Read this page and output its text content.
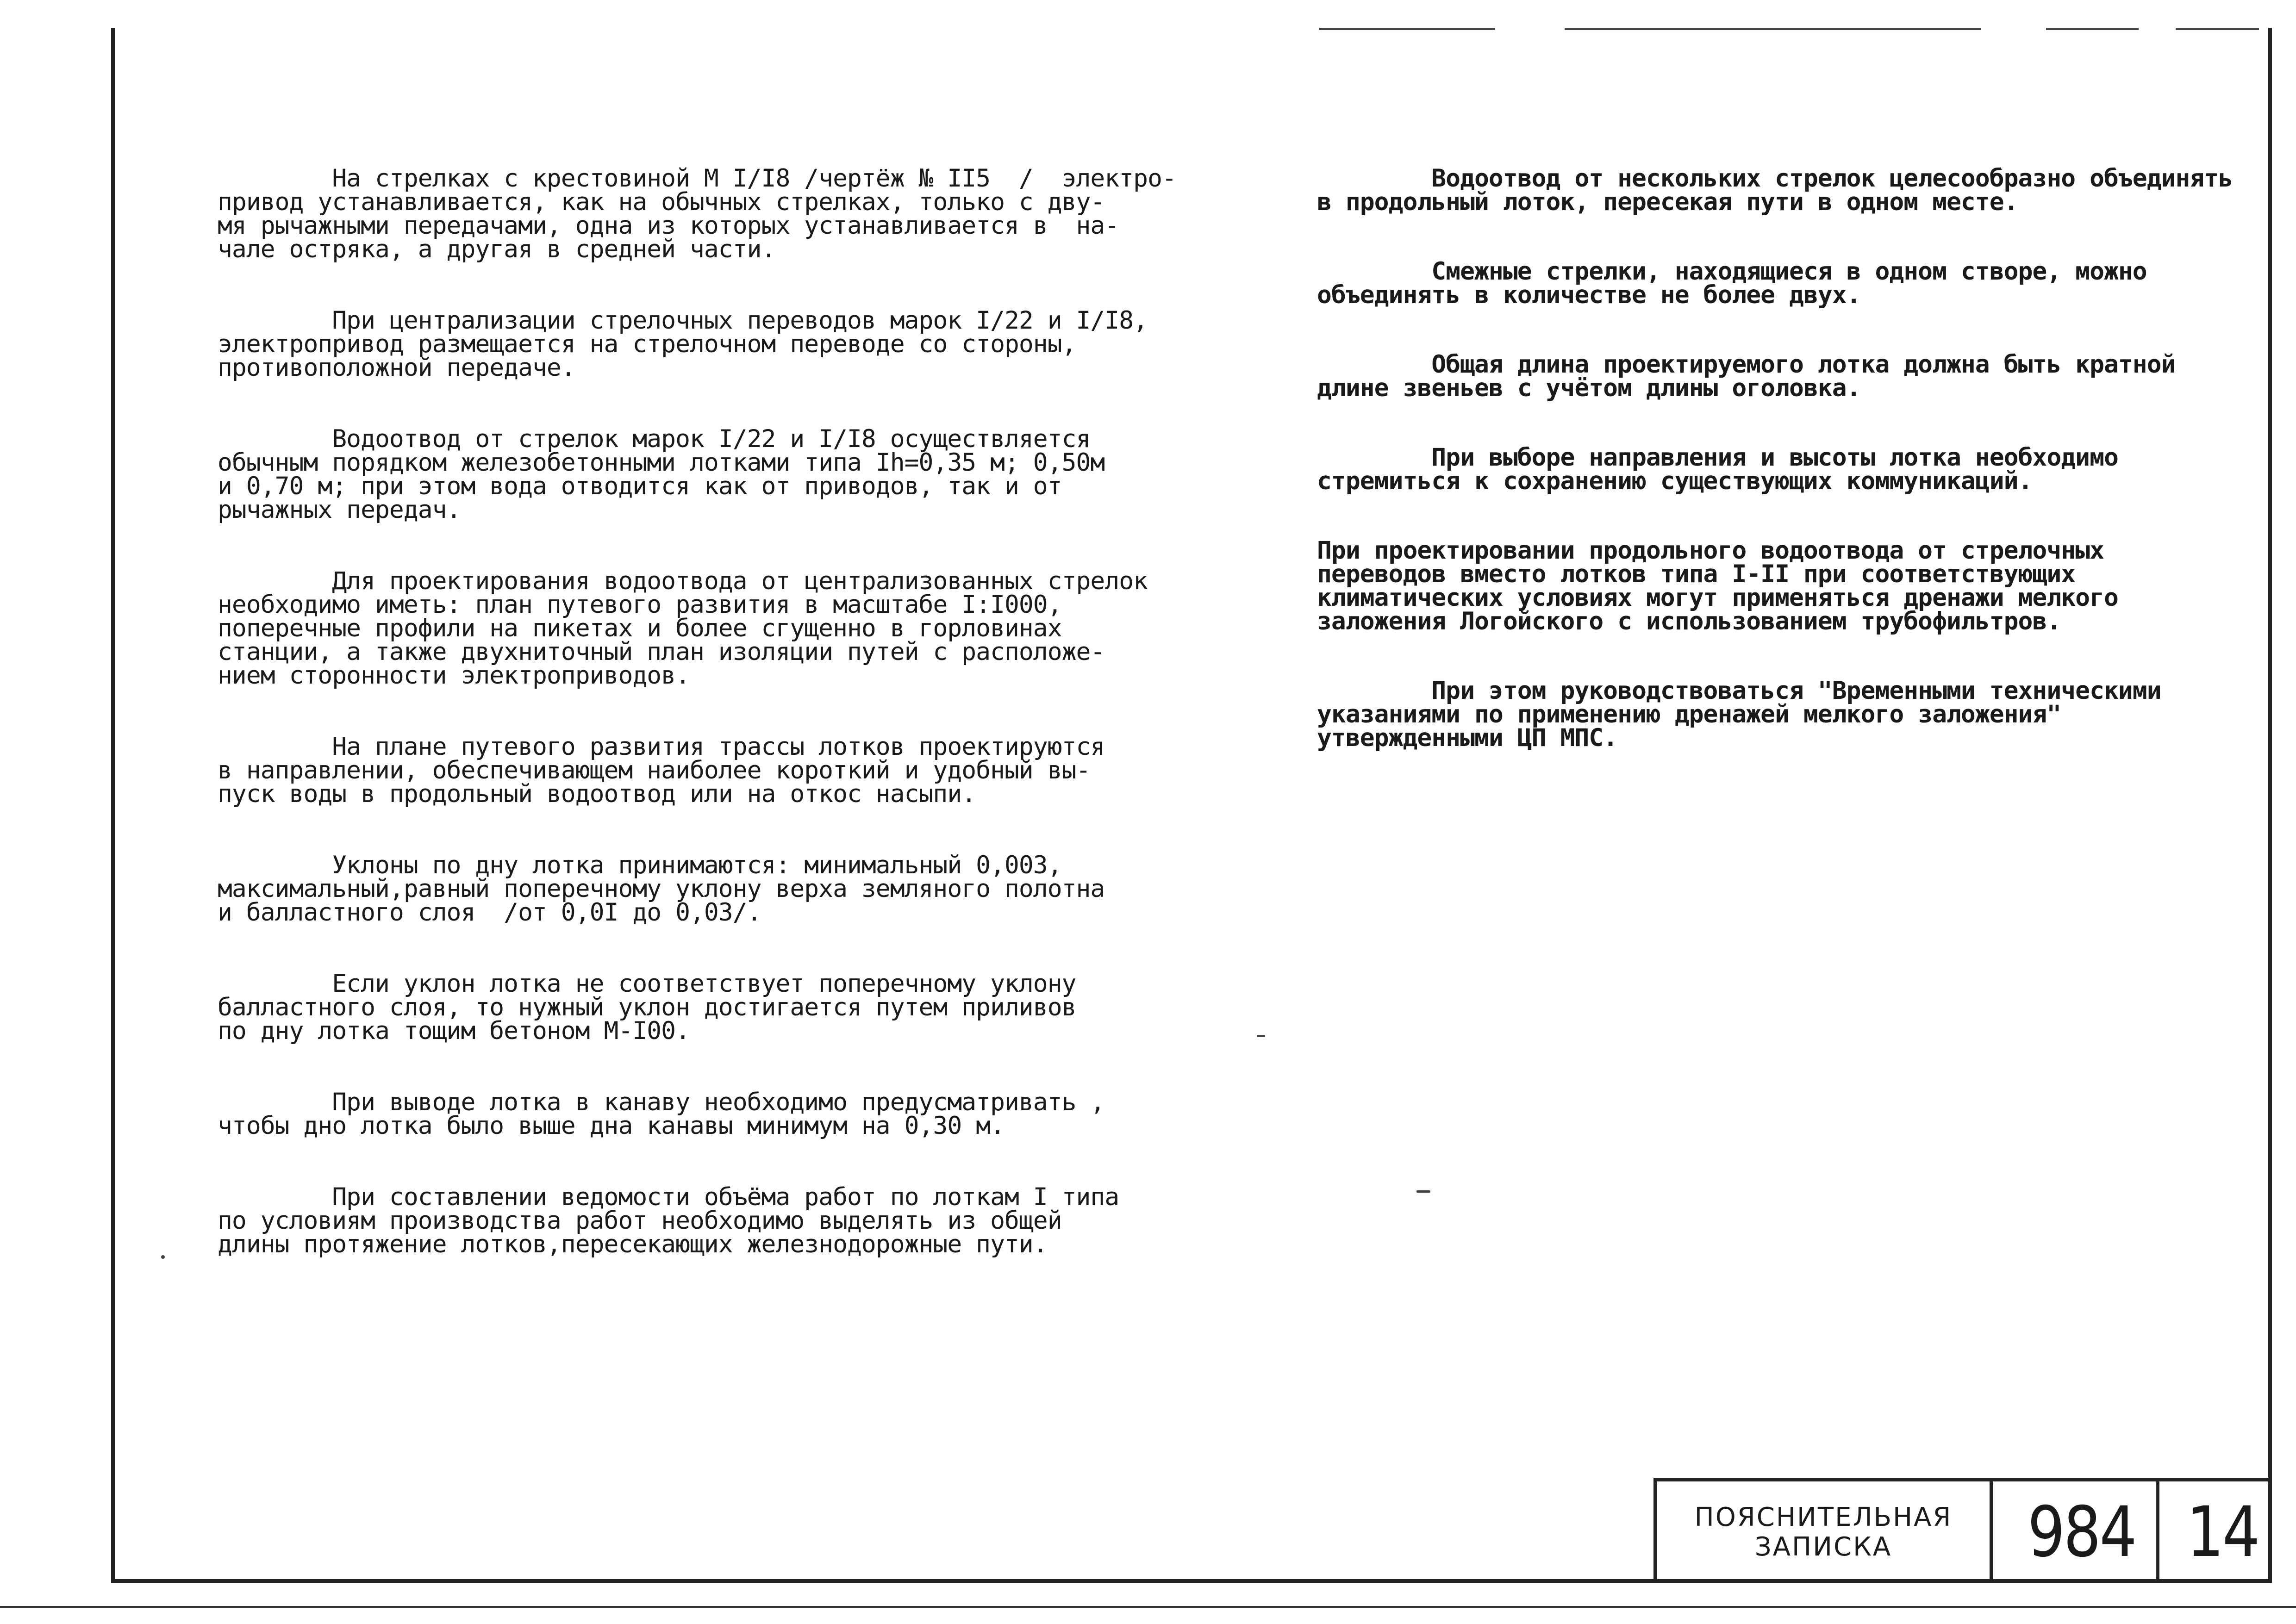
На стрелках с крестовиной М I/I8 /чертёж № II5  /  электро-
привод устанавливается, как на обычных стрелках, только с дву-
мя рычажными передачами, одна из которых устанавливается в  на-
чале остряка, а другая в средней части.

При централизации стрелочных переводов марок I/22 и I/I8,
электропривод размещается на стрелочном переводе со стороны,
противоположной передаче.

Водоотвод от стрелок марок I/22 и I/I8 осуществляется
обычным порядком железобетонными лотками типа Ih=0,35 м; 0,50м
и 0,70 м; при этом вода отводится как от приводов, так и от
рычажных передач.

Для проектирования водоотвода от централизованных стрелок
необходимо иметь: план путевого развития в масштабе I:I000,
поперечные профили на пикетах и более сгущенно в горловинах
станции, а также двухниточный план изоляции путей с расположе-
нием сторонности электроприводов.

На плане путевого развития трассы лотков проектируются
в направлении, обеспечивающем наиболее короткий и удобный вы-
пуск воды в продольный водоотвод или на откос насыпи.

Уклоны по дну лотка принимаются: минимальный 0,003,
максимальный,равный поперечному уклону верха земляного полотна
и балластного слоя  /от 0,0I до 0,03/.

Если уклон лотка не соответствует поперечному уклону
балластного слоя, то нужный уклон достигается путем приливов
по дну лотка тощим бетоном М-I00.

При выводе лотка в канаву необходимо предусматривать ,
чтобы дно лотка было выше дна канавы минимум на 0,30 м.

При составлении ведомости объёма работ по лоткам I типа
по условиям производства работ необходимо выделять из общей
длины протяжение лотков,пересекающих железнодорожные пути.

Водоотвод от нескольких стрелок целесообразно объединять
в продольный лоток, пересекая пути в одном месте.

Смежные стрелки, находящиеся в одном створе, можно
объединять в количестве не более двух.

Общая длина проектируемого лотка должна быть кратной
длине звеньев с учётом длины оголовка.

При выборе направления и высоты лотка необходимо
стремиться к сохранению существующих коммуникаций.

При проектировании продольного водоотвода от стрелочных
переводов вместо лотков типа I-II при соответствующих
климатических условиях могут применяться дренажи мелкого
заложения Логойского с использованием трубофильтров.

При этом руководствоваться "Временными техническими
указаниями по применению дренажей мелкого заложения"
утвержденными ЦП МПС.

ПОЯСНИТЕЛЬНАЯ
ЗАПИСКА 984 14
